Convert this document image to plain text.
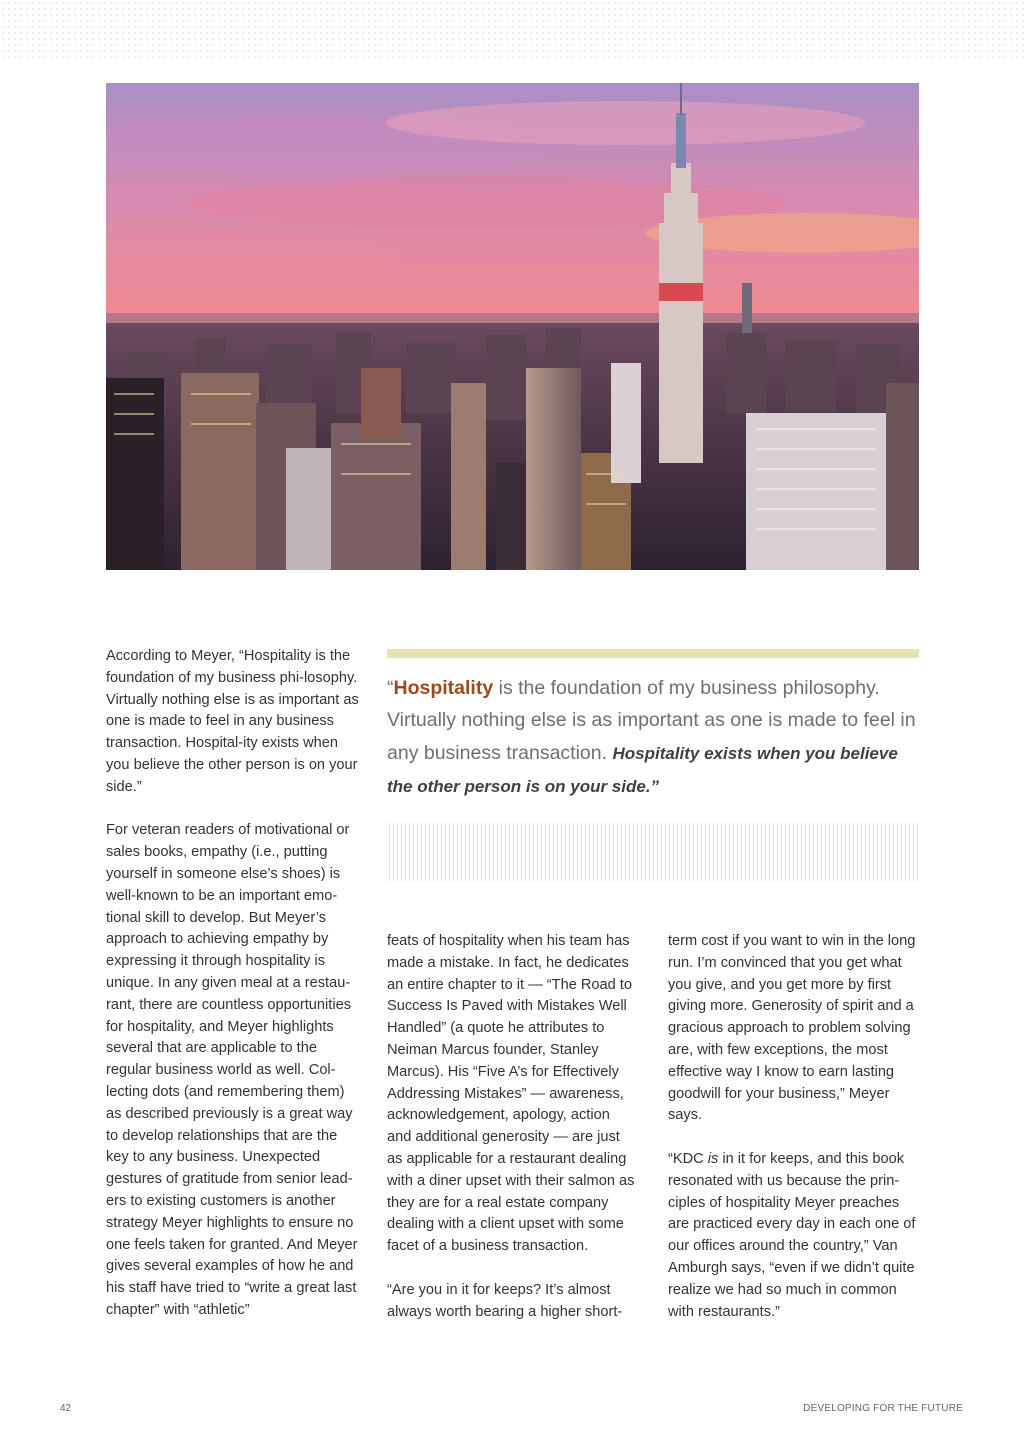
According to Meyer, “Hospitality is the foundation of my business phi-losophy. Virtually nothing else is as important as one is made to feel in any business transaction. Hospital-ity exists when you believe the other person is on your side.”

For veteran readers of motivational or sales books, empathy (i.e., putting yourself in someone else’s shoes) is well-known to be an important emo-tional skill to develop. But Meyer’s approach to achieving empathy by expressing it through hospitality is unique. In any given meal at a restau-rant, there are countless opportunities for hospitality, and Meyer highlights several that are applicable to the regular business world as well. Col-lecting dots (and remembering them) as described previously is a great way to develop relationships that are the key to any business. Unexpected gestures of gratitude from senior lead-ers to existing customers is another strategy Meyer highlights to ensure no one feels taken for granted. And Meyer gives several examples of how he and his staff have tried to “write a great last chapter” with “athletic”

“Hospitality is the foundation of my business philosophy. Virtually nothing else is as important as one is made to feel in any business transaction. Hospitality exists when you believe the other person is on your side.”

feats of hospitality when his team has made a mistake. In fact, he dedicates an entire chapter to it — “The Road to Success Is Paved with Mistakes Well Handled” (a quote he attributes to Neiman Marcus founder, Stanley Marcus). His “Five A’s for Effectively Addressing Mistakes” — awareness, acknowledgement, apology, action and additional generosity — are just as applicable for a restaurant dealing with a diner upset with their salmon as they are for a real estate company dealing with a client upset with some facet of a business transaction.

“Are you in it for keeps? It’s almost always worth bearing a higher short-

term cost if you want to win in the long run. I’m convinced that you get what you give, and you get more by first giving more. Generosity of spirit and a gracious approach to problem solving are, with few exceptions, the most effective way I know to earn lasting goodwill for your business,” Meyer says.

“KDC is in it for keeps, and this book resonated with us because the prin-ciples of hospitality Meyer preaches are practiced every day in each one of our offices around the country,” Van Amburgh says, “even if we didn’t quite realize we had so much in common with restaurants.”

42	DEVELOPING FOR THE FUTURE
